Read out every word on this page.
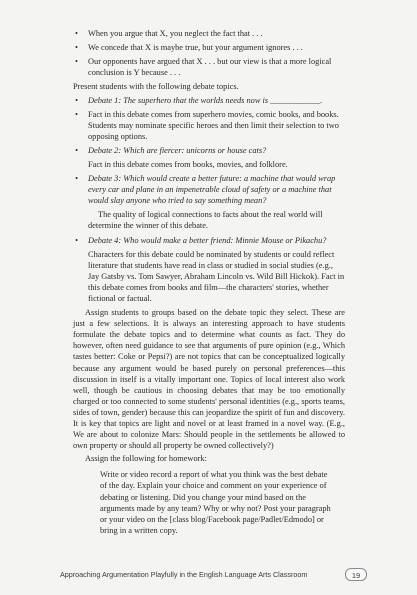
• When you argue that X, you neglect the fact that . . .
• We concede that X is maybe true, but your argument ignores . . .
• Our opponents have argued that X . . . but our view is that a more logical conclusion is Y because . . .

Present students with the following debate topics.

• Debate 1: The superhero that the worlds needs now is ____________.
• Fact in this debate comes from superhero movies, comic books, and books. Students may nominate specific heroes and then limit their selection to two opposing options.
• Debate 2: Which are fiercer: unicorns or house cats?
Fact in this debate comes from books, movies, and folklore.
• Debate 3: Which would create a better future: a machine that would wrap every car and plane in an impenetrable cloud of safety or a machine that would slay anyone who tried to say something mean?
The quality of logical connections to facts about the real world will determine the winner of this debate.
• Debate 4: Who would make a better friend: Minnie Mouse or Pikachu?
Characters for this debate could be nominated by students or could reflect literature that students have read in class or studied in social studies (e.g., Jay Gatsby vs. Tom Sawyer, Abraham Lincoln vs. Wild Bill Hickok). Fact in this debate comes from books and film—the characters' stories, whether fictional or factual.

Assign students to groups based on the debate topic they select. These are just a few selections. It is always an interesting approach to have students formulate the debate topics and to determine what counts as fact. They do however, often need guidance to see that arguments of pure opinion (e.g., Which tastes better: Coke or Pepsi?) are not topics that can be conceptualized logically because any argument would be based purely on personal preferences—this discussion in itself is a vitally important one. Topics of local interest also work well, though be cautious in choosing debates that may be too emotionally charged or too connected to some students' personal identities (e.g., sports teams, sides of town, gender) because this can jeopardize the spirit of fun and discovery. It is key that topics are light and novel or at least framed in a novel way. (E.g., We are about to colonize Mars: Should people in the settlements be allowed to own property or should all property be owned collectively?)

Assign the following for homework:

Write or video record a report of what you think was the best debate of the day. Explain your choice and comment on your experience of debating or listening. Did you change your mind based on the arguments made by any team? Why or why not? Post your paragraph or your video on the [class blog/Facebook page/Padlet/Edmodo] or bring in a written copy.
Approaching Argumentation Playfully in the English Language Arts Classroom	19
